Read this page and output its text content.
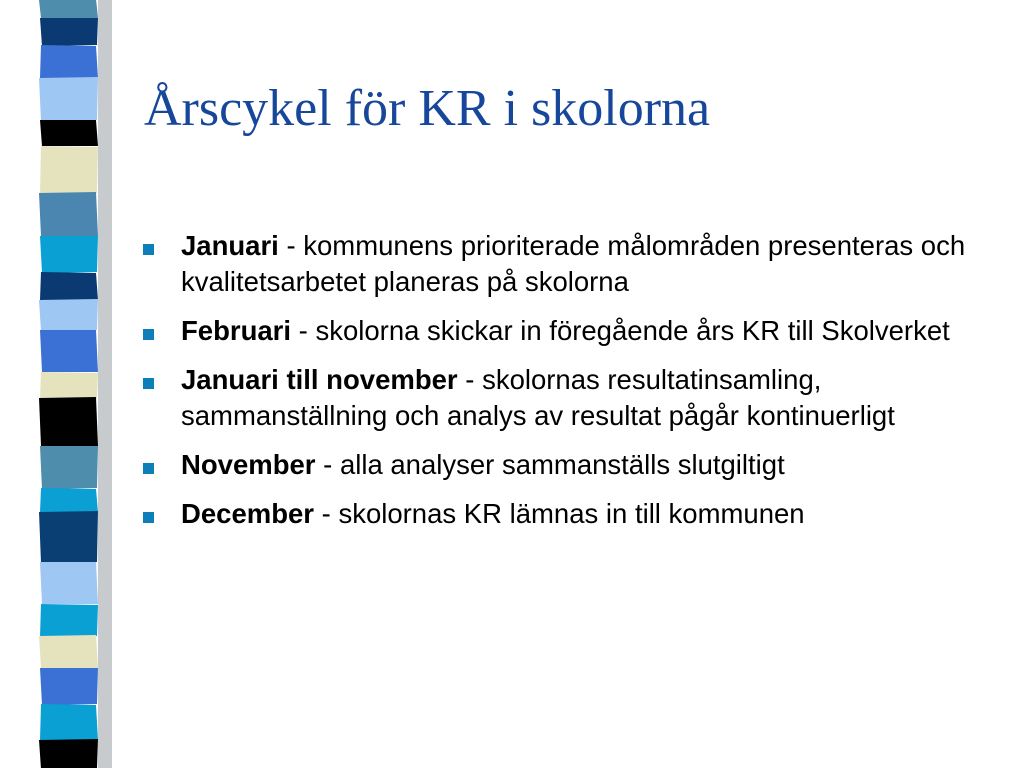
Årscykel för KR i skolorna
Januari - kommunens prioriterade målområden presenteras och kvalitetsarbetet planeras på skolorna
Februari - skolorna skickar in föregående års KR till Skolverket
Januari till november - skolornas resultatinsamling, sammanställning och analys av resultat pågår kontinuerligt
November - alla analyser sammanställs slutgiltigt
December - skolornas KR lämnas in till kommunen
